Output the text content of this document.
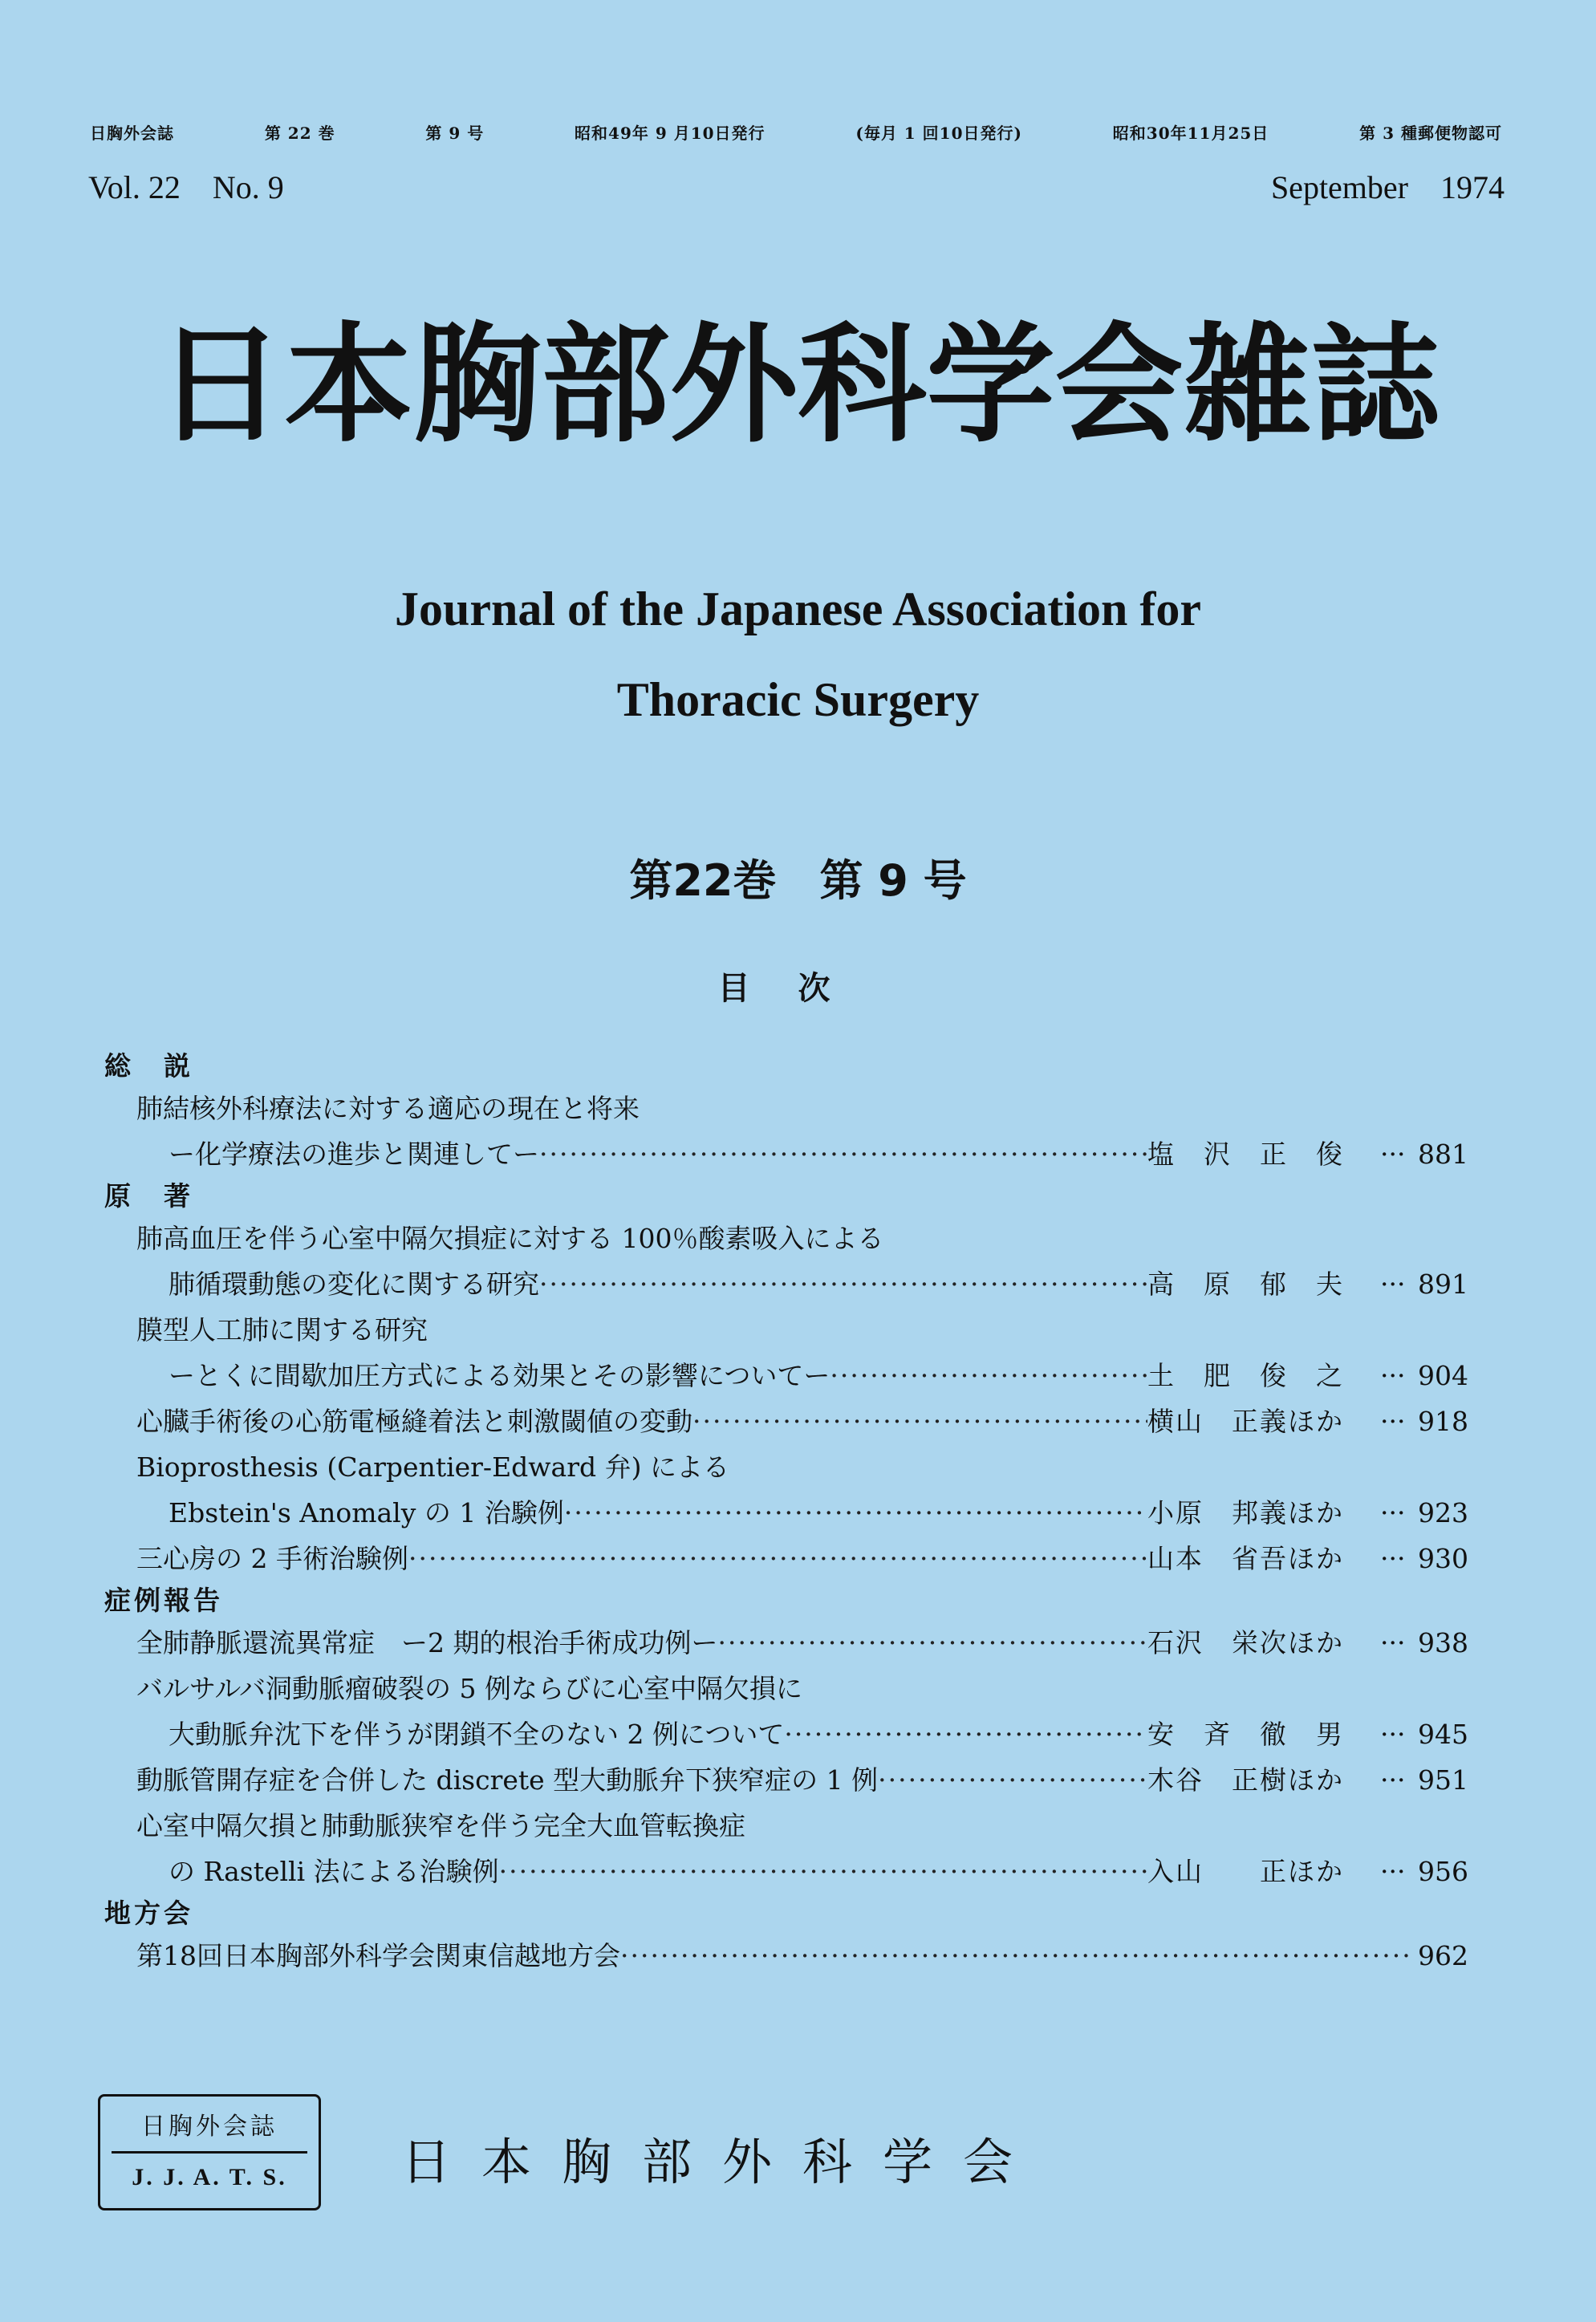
日胸外会誌	第 22 巻	第 9 号	昭和49年 9 月10日発行	(毎月 1 回10日発行)	昭和30年11月25日	第 3 種郵便物認可
Vol. 22 No. 9	September 1974
日本胸部外科学会雑誌
Journal of the Japanese Association for
Thoracic Surgery
第22巻　第 9 号
目次
総　説
肺結核外科療法に対する適応の現在と将来
ー化学療法の進歩と関連してー ·····	塩　沢　正　俊 ···	881
原　著
肺高血圧を伴う心室中隔欠損症に対する 100％酸素吸入による
肺循環動態の変化に関する研究 ·····	高　原　郁　夫 ···	891
膜型人工肺に関する研究
ーとくに間歇加圧方式による効果とその影響についてー ·····	土　肥　俊　之 ···	904
心臓手術後の心筋電極縫着法と刺激閾値の変動 ·····	横山　正義ほか ···	918
Bioprosthesis (Carpentier-Edward 弁) による
Ebstein's Anomaly の 1 治験例 ·····	小原　邦義ほか ···	923
三心房の 2 手術治験例 ·····	山本　省吾ほか ···	930
症例報告
全肺静脈還流異常症　ー2 期的根治手術成功例ー ·····	石沢　栄次ほか ···	938
バルサルバ洞動脈瘤破裂の 5 例ならびに心室中隔欠損に
大動脈弁沈下を伴うが閉鎖不全のない 2 例について ·····	安　斉　徹　男 ···	945
動脈管開存症を合併した discrete 型大動脈弁下狭窄症の 1 例 ·····	木谷　正樹ほか ···	951
心室中隔欠損と肺動脈狭窄を伴う完全大血管転換症
の Rastelli 法による治験例 ·····	入山　　正ほか ···	956
地方会
第18回日本胸部外科学会関東信越地方会 ·····	962
日胸外会誌
J. J. A. T. S.	日本胸部外科学会
